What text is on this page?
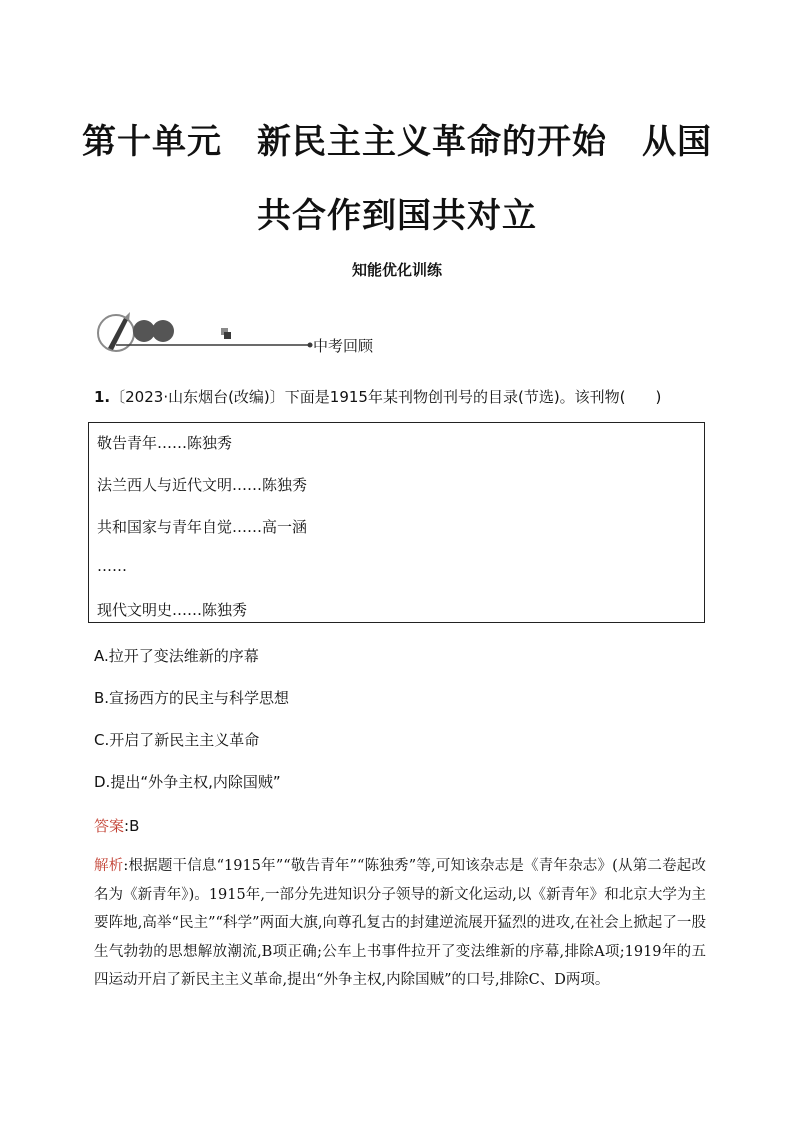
第十单元　新民主主义革命的开始　从国
共合作到国共对立
知能优化训练
中考回顾
1.〔2023·山东烟台(改编)〕下面是1915年某刊物创刊号的目录(节选)。该刊物(　　)
敬告青年……陈独秀
法兰西人与近代文明……陈独秀
共和国家与青年自觉……高一涵
……
现代文明史……陈独秀
A.拉开了变法维新的序幕
B.宣扬西方的民主与科学思想
C.开启了新民主主义革命
D.提出“外争主权,内除国贼”
答案:B
解析:根据题干信息“1915年”“敬告青年”“陈独秀”等,可知该杂志是《青年杂志》(从第二卷起改名为《新青年》)。1915年,一部分先进知识分子领导的新文化运动,以《新青年》和北京大学为主要阵地,高举“民主”“科学”两面大旗,向尊孔复古的封建逆流展开猛烈的进攻,在社会上掀起了一股生气勃勃的思想解放潮流,B项正确;公车上书事件拉开了变法维新的序幕,排除A项;1919年的五四运动开启了新民主主义革命,提出“外争主权,内除国贼”的口号,排除C、D两项。
